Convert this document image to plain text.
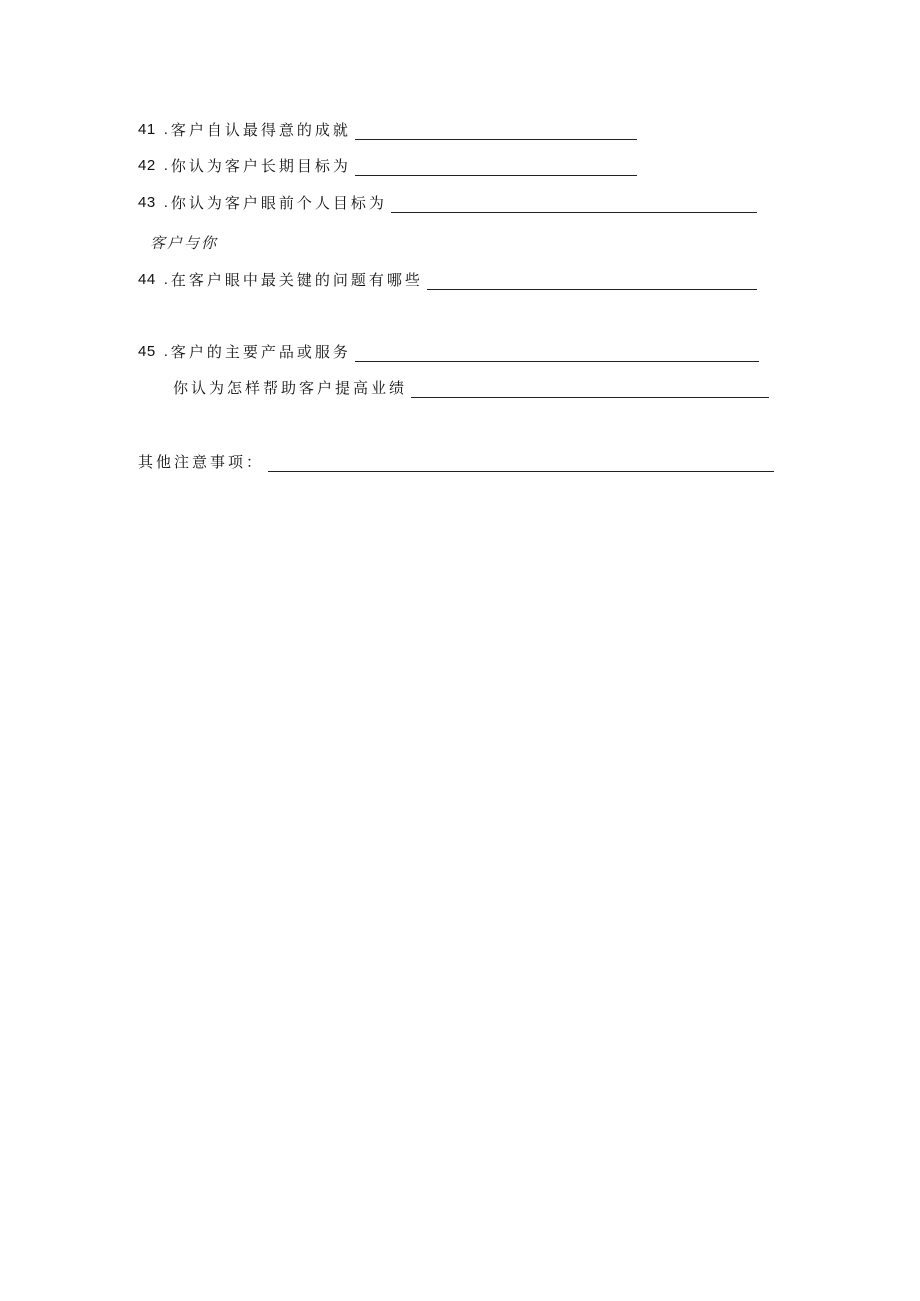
41 . 客户自认最得意的成就
42 . 你认为客户长期目标为
43 . 你认为客户眼前个人目标为
客户与你
44 . 在客户眼中最关键的问题有哪些
45 . 客户的主要产品或服务
你认为怎样帮助客户提高业绩
其他注意事项：
